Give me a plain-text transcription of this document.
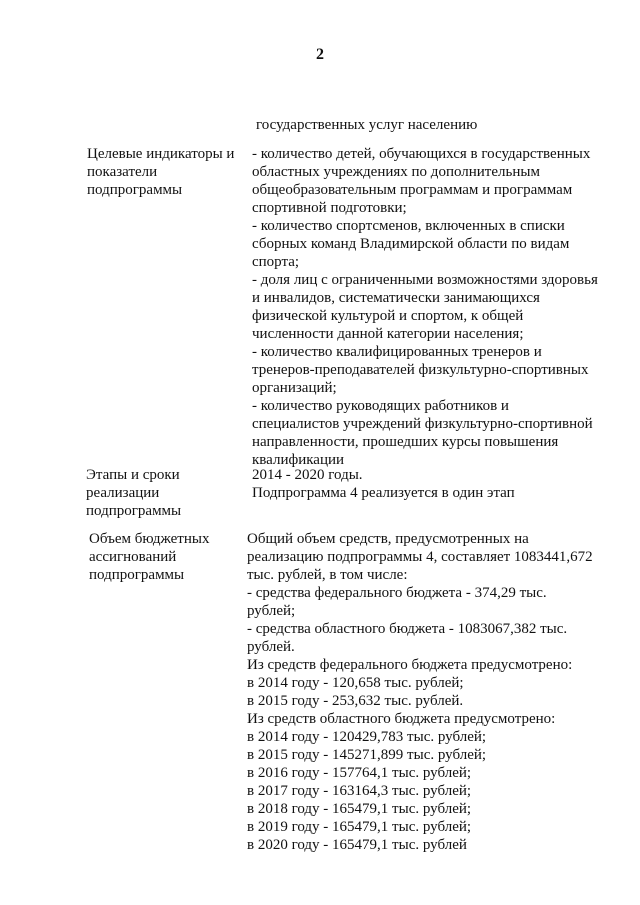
2
государственных услуг населению
Целевые индикаторы и
показатели
подпрограммы
- количество детей, обучающихся в государственных
областных учреждениях по дополнительным
общеобразовательным программам и программам
спортивной подготовки;
- количество спортсменов, включенных в списки
сборных команд Владимирской области по видам
спорта;
- доля лиц с ограниченными возможностями здоровья
и инвалидов, систематически занимающихся
физической культурой и спортом, к общей
численности данной категории населения;
- количество квалифицированных тренеров и
тренеров-преподавателей физкультурно-спортивных
организаций;
- количество руководящих работников и
специалистов учреждений физкультурно-спортивной
направленности, прошедших курсы повышения
квалификации
Этапы и сроки
реализации
подпрограммы
2014 - 2020 годы.
Подпрограмма 4 реализуется в один этап
Объем бюджетных
ассигнований
подпрограммы
Общий объем средств, предусмотренных на
реализацию подпрограммы 4, составляет 1083441,672
тыс. рублей, в том числе:
- средства федерального бюджета - 374,29 тыс.
рублей;
- средства областного бюджета - 1083067,382 тыс.
рублей.
Из средств федерального бюджета предусмотрено:
в 2014 году - 120,658 тыс. рублей;
в 2015 году - 253,632 тыс. рублей.
Из средств областного бюджета предусмотрено:
в 2014 году - 120429,783 тыс. рублей;
в 2015 году - 145271,899 тыс. рублей;
в 2016 году - 157764,1 тыс. рублей;
в 2017 году - 163164,3 тыс. рублей;
в 2018 году - 165479,1 тыс. рублей;
в 2019 году - 165479,1 тыс. рублей;
в 2020 году - 165479,1 тыс. рублей
